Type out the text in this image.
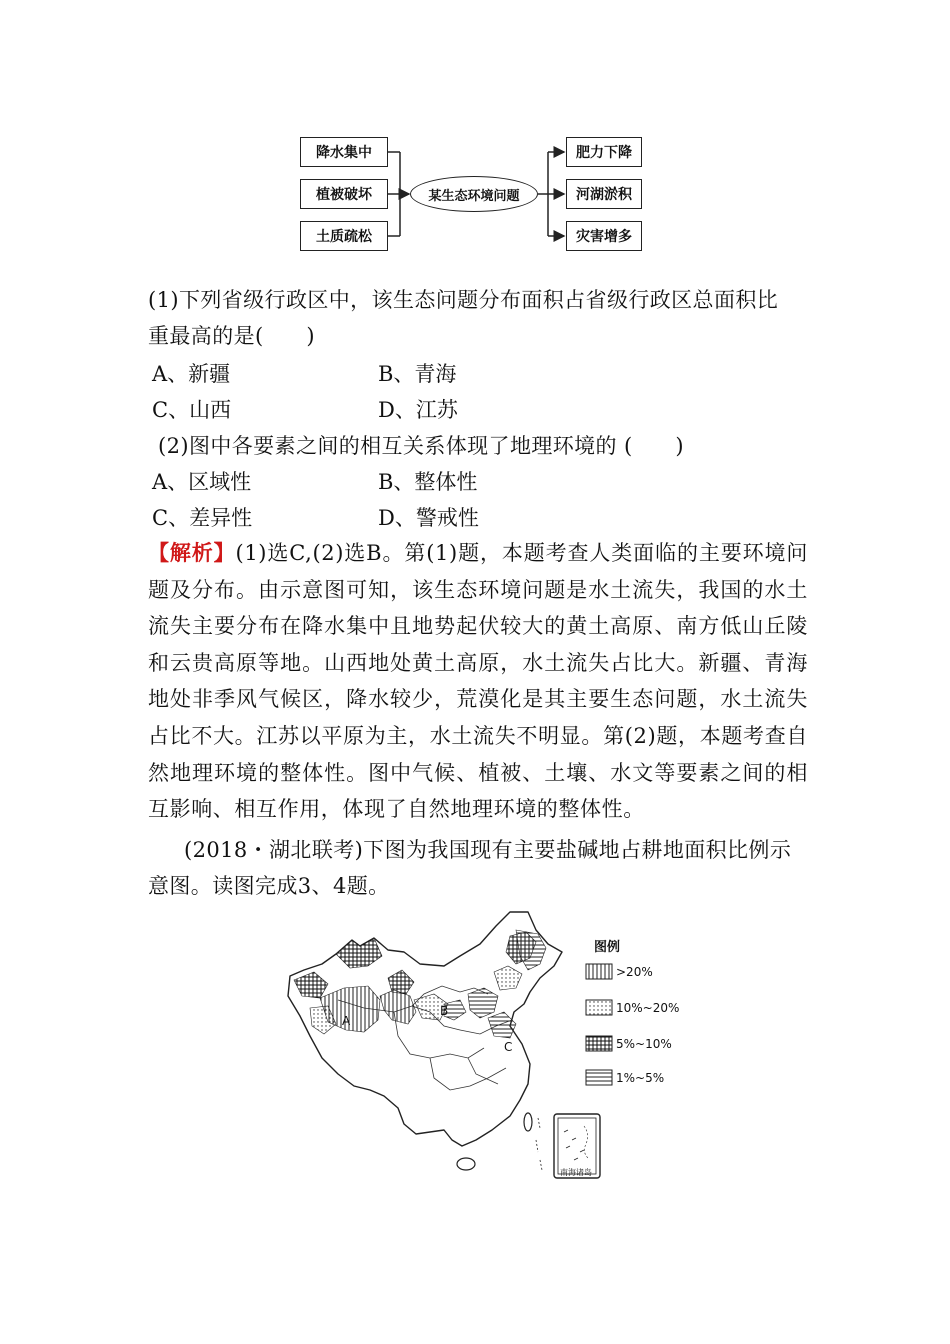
降水集中
植被破坏
土质疏松
某生态环境问题
肥力下降
河湖淤积
灾害增多
(1)下列省级行政区中，该生态问题分布面积占省级行政区总面积比
重最高的是(　　)
A、新疆	B、青海
C、山西	D、江苏
(2)图中各要素之间的相互关系体现了地理环境的 (　　)
A、区域性	B、整体性
C、差异性	D、警戒性
【解析】(1)选C,(2)选B。第(1)题，本题考查人类面临的主要环境问题及分布。由示意图可知，该生态环境问题是水土流失，我国的水土流失主要分布在降水集中且地势起伏较大的黄土高原、南方低山丘陵和云贵高原等地。山西地处黄土高原，水土流失占比大。新疆、青海地处非季风气候区，降水较少，荒漠化是其主要生态问题，水土流失占比不大。江苏以平原为主，水土流失不明显。第(2)题，本题考查自然地理环境的整体性。图中气候、植被、土壤、水文等要素之间的相互影响、相互作用，体现了自然地理环境的整体性。
(2018・湖北联考)下图为我国现有主要盐碱地占耕地面积比例示
意图。读图完成3、4题。
图例
>20%
10%~20%
5%~10%
1%~5%
A
B
C
南海诸岛
